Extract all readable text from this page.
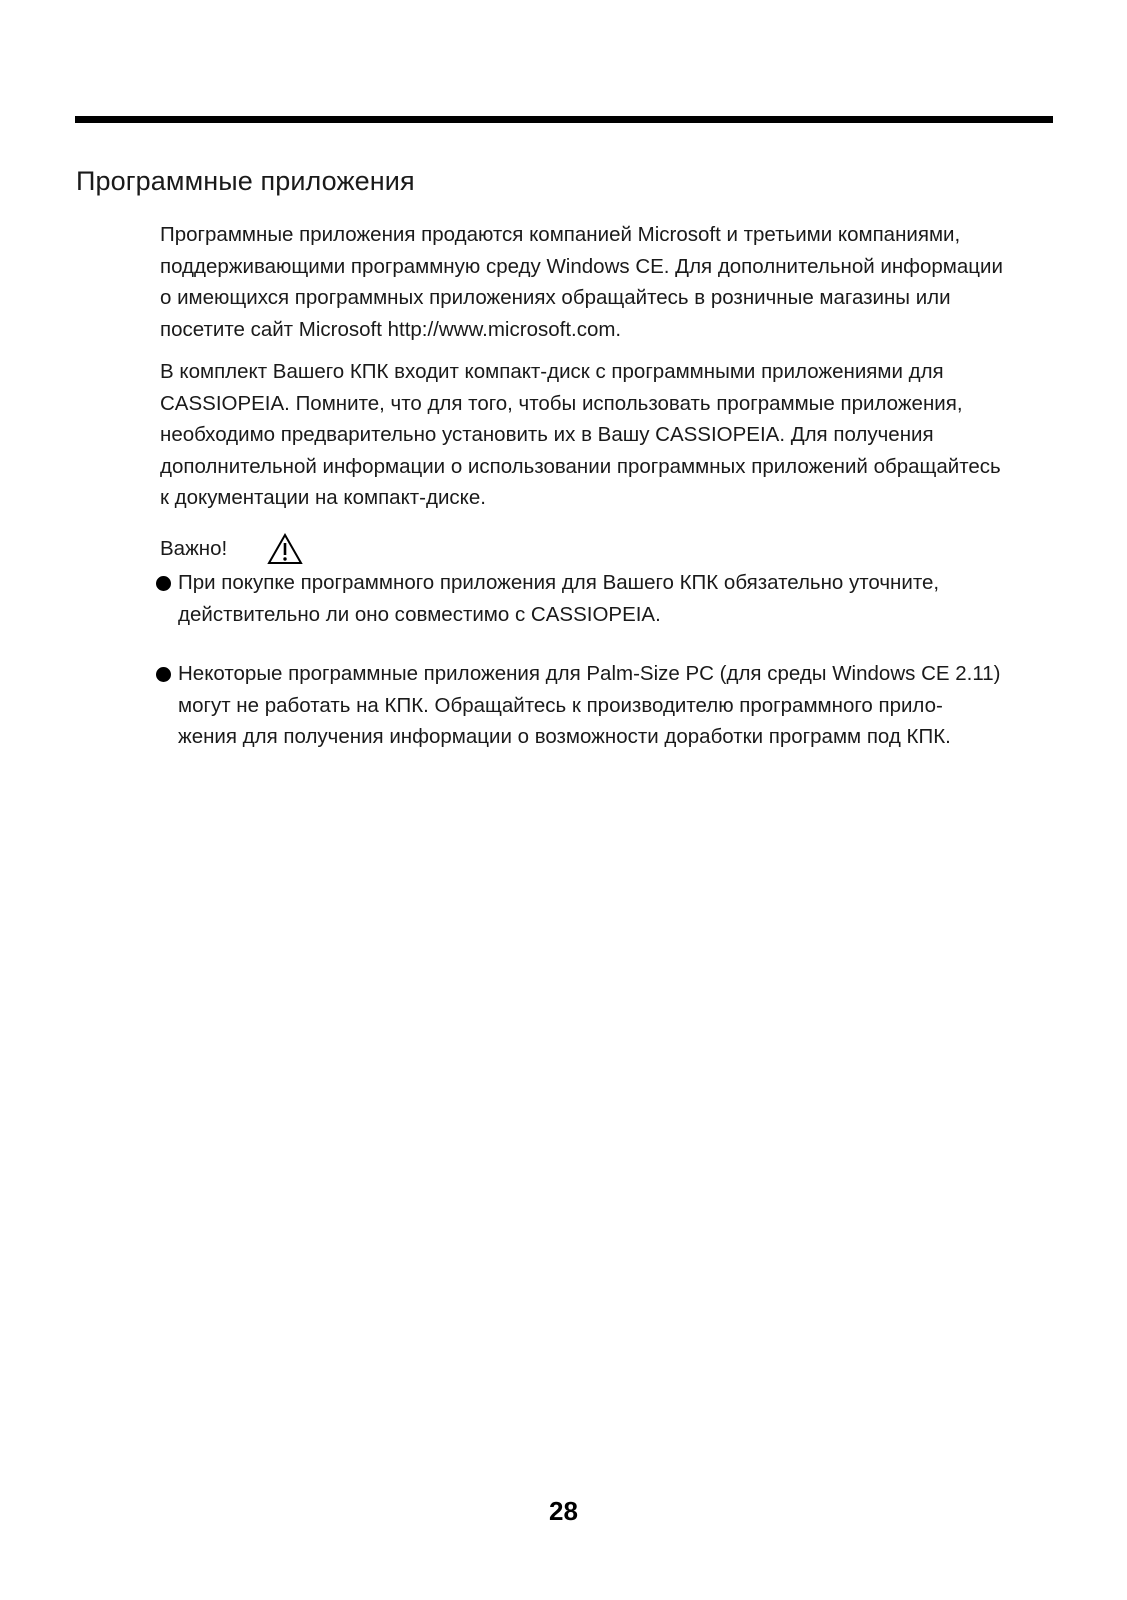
Программные приложения

Программные приложения продаются компанией Microsoft и третьими компаниями,
поддерживающими программную среду Windows CE. Для дополнительной информации
о имеющихся программных приложениях обращайтесь в розничные магазины или
посетите сайт Microsoft http://www.microsoft.com.

В комплект Вашего КПК входит компакт-диск с программными приложениями для
CASSIOPEIA. Помните, что для того, чтобы использовать программые приложения,
необходимо предварительно установить их в Вашу CASSIOPEIA. Для получения
дополнительной информации о использовании программных приложений обращайтесь
к документации на компакт-диске.

Важно!
При покупке программного приложения для Вашего КПК обязательно уточните,
действительно ли оно совместимо с CASSIOPEIA.
Некоторые программные приложения для Palm-Size PC (для среды Windows CE 2.11)
могут не работать на КПК. Обращайтесь к производителю программного прило-
жения для получения информации о возможности доработки программ под КПК.
28
